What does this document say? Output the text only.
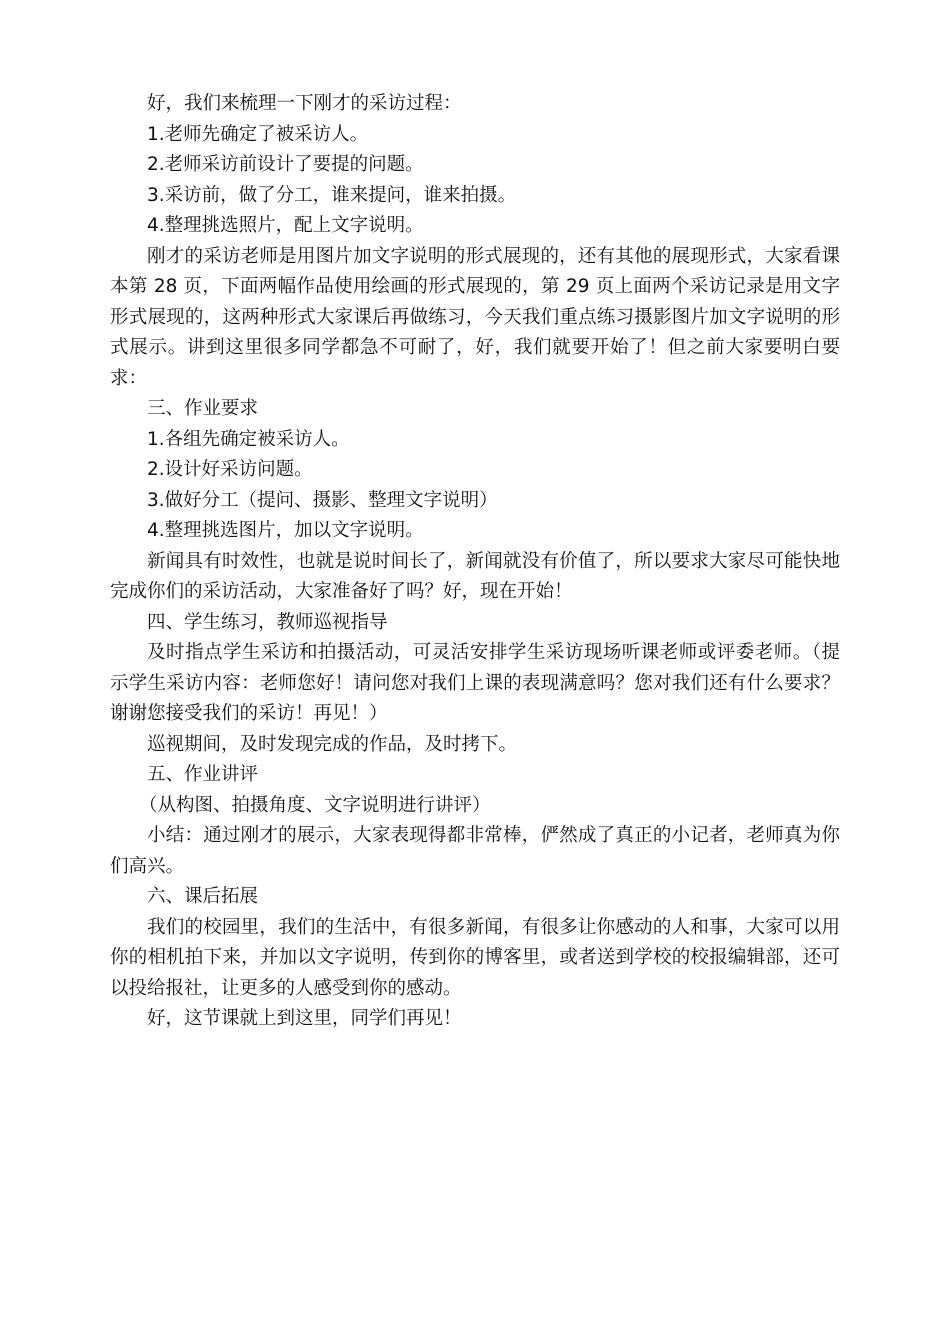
好，我们来梳理一下刚才的采访过程：

1.老师先确定了被采访人。

2.老师采访前设计了要提的问题。

3.采访前，做了分工，谁来提问，谁来拍摄。

4.整理挑选照片，配上文字说明。

刚才的采访老师是用图片加文字说明的形式展现的，还有其他的展现形式，大家看课本第 28 页，下面两幅作品使用绘画的形式展现的，第 29 页上面两个采访记录是用文字形式展现的，这两种形式大家课后再做练习，今天我们重点练习摄影图片加文字说明的形式展示。讲到这里很多同学都急不可耐了，好，我们就要开始了！但之前大家要明白要求：

三、作业要求

1.各组先确定被采访人。

2.设计好采访问题。

3.做好分工（提问、摄影、整理文字说明）

4.整理挑选图片，加以文字说明。

新闻具有时效性，也就是说时间长了，新闻就没有价值了，所以要求大家尽可能快地完成你们的采访活动，大家准备好了吗？好，现在开始！

四、学生练习，教师巡视指导

及时指点学生采访和拍摄活动，可灵活安排学生采访现场听课老师或评委老师。（提示学生采访内容：老师您好！请问您对我们上课的表现满意吗？您对我们还有什么要求？谢谢您接受我们的采访！再见！）

巡视期间，及时发现完成的作品，及时拷下。

五、作业讲评

（从构图、拍摄角度、文字说明进行讲评）

小结：通过刚才的展示，大家表现得都非常棒，俨然成了真正的小记者，老师真为你们高兴。

六、课后拓展

我们的校园里，我们的生活中，有很多新闻，有很多让你感动的人和事，大家可以用你的相机拍下来，并加以文字说明，传到你的博客里，或者送到学校的校报编辑部，还可以投给报社，让更多的人感受到你的感动。

好，这节课就上到这里，同学们再见！
